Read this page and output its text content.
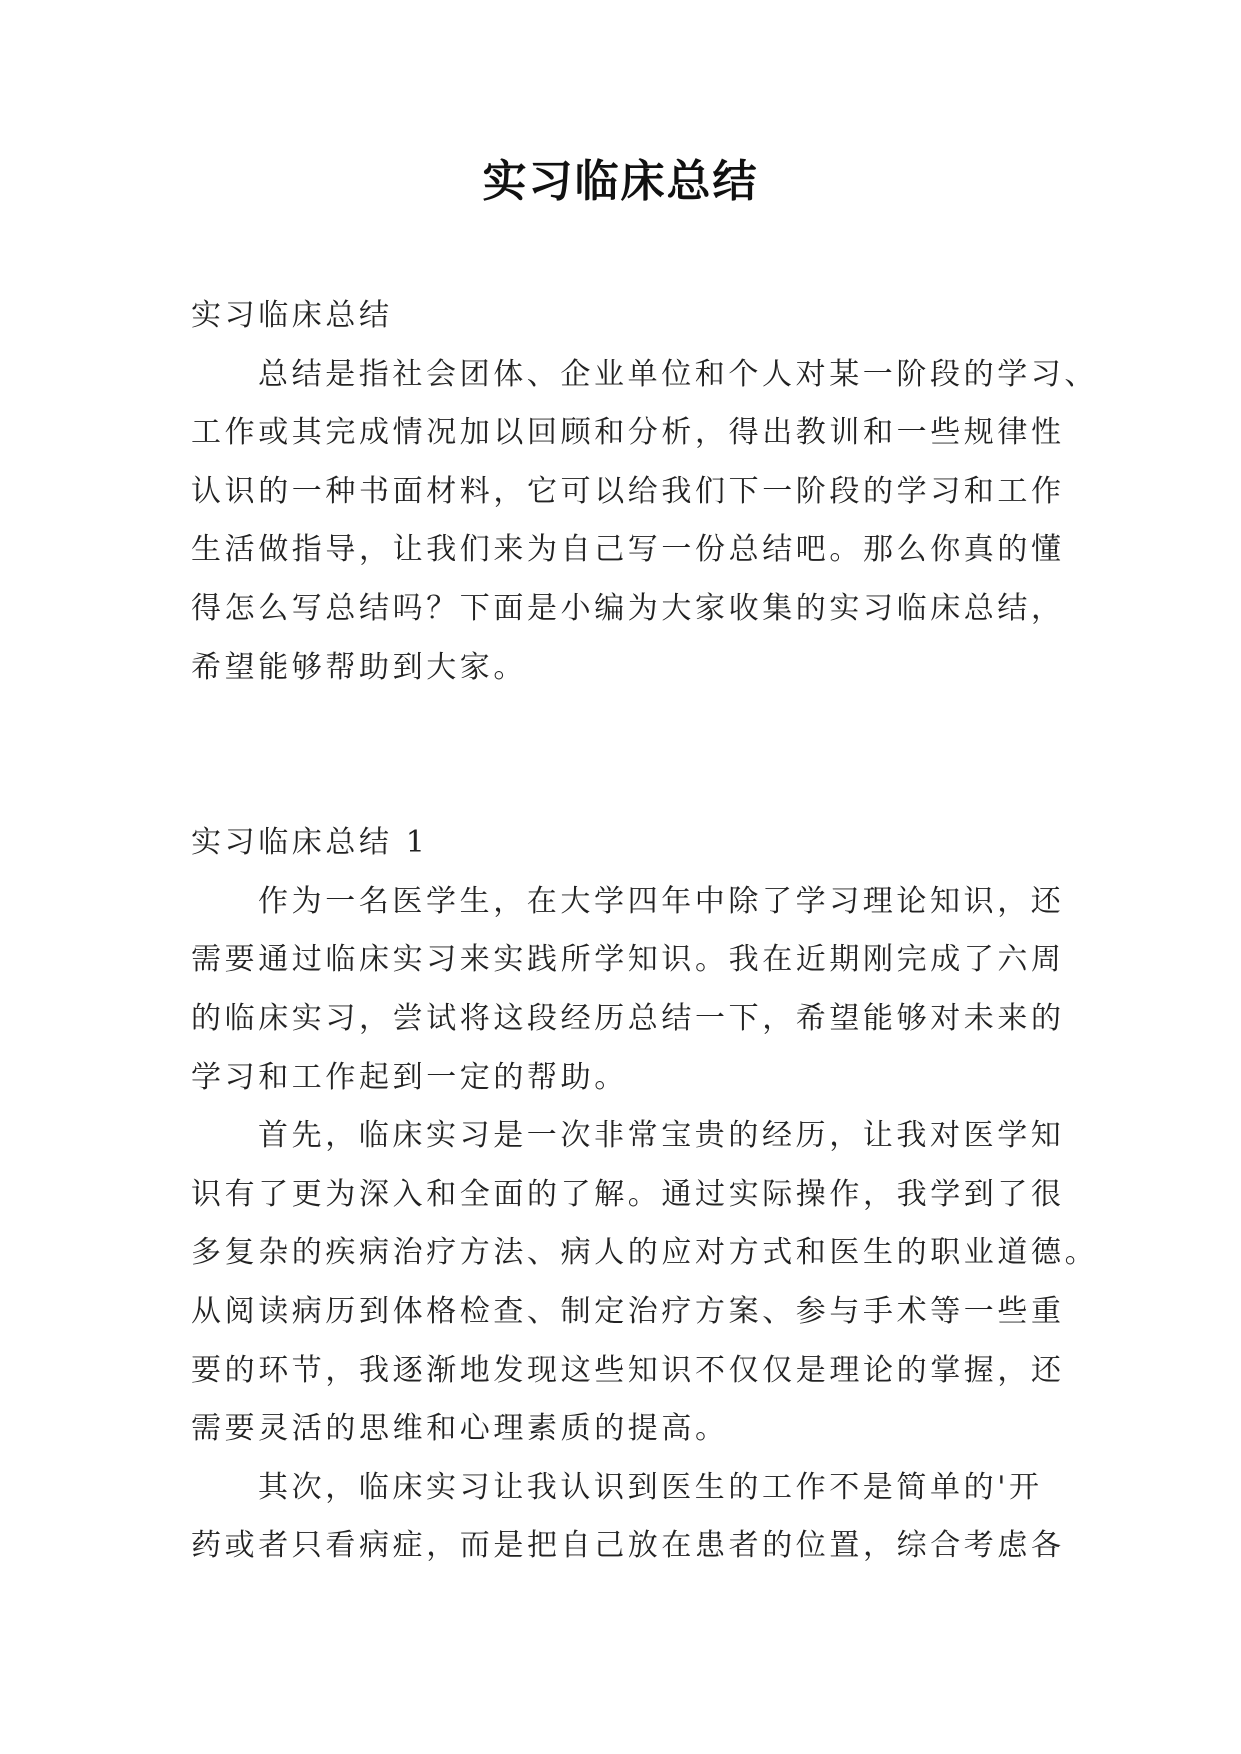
实习临床总结
实习临床总结
总结是指社会团体、企业单位和个人对某一阶段的学习、
工作或其完成情况加以回顾和分析，得出教训和一些规律性
认识的一种书面材料，它可以给我们下一阶段的学习和工作
生活做指导，让我们来为自己写一份总结吧。那么你真的懂
得怎么写总结吗？下面是小编为大家收集的实习临床总结，
希望能够帮助到大家。
实习临床总结 1
作为一名医学生，在大学四年中除了学习理论知识，还
需要通过临床实习来实践所学知识。我在近期刚完成了六周
的临床实习，尝试将这段经历总结一下，希望能够对未来的
学习和工作起到一定的帮助。
首先，临床实习是一次非常宝贵的经历，让我对医学知
识有了更为深入和全面的了解。通过实际操作，我学到了很
多复杂的疾病治疗方法、病人的应对方式和医生的职业道德。
从阅读病历到体格检查、制定治疗方案、参与手术等一些重
要的环节，我逐渐地发现这些知识不仅仅是理论的掌握，还
需要灵活的思维和心理素质的提高。
其次，临床实习让我认识到医生的工作不是简单的'开
药或者只看病症，而是把自己放在患者的位置，综合考虑各
